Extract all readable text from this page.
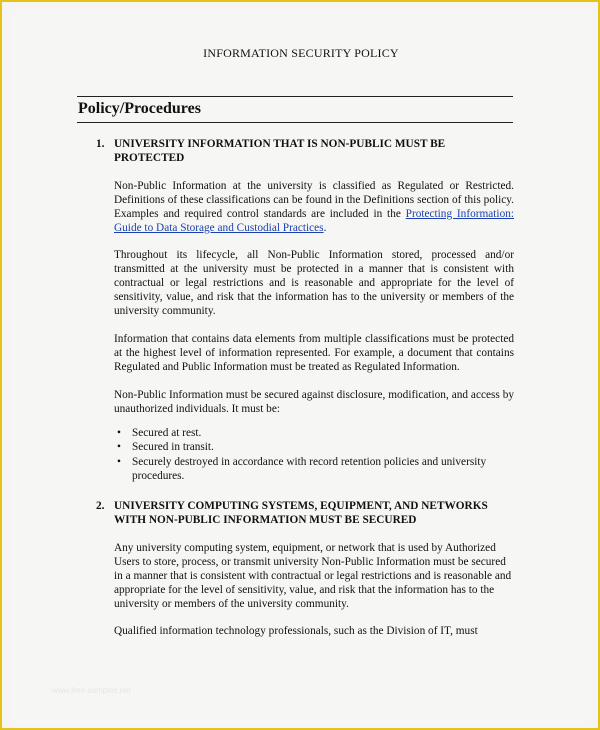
INFORMATION SECURITY POLICY
Policy/Procedures
1. UNIVERSITY INFORMATION THAT IS NON-PUBLIC MUST BE PROTECTED

Non-Public Information at the university is classified as Regulated or Restricted. Definitions of these classifications can be found in the Definitions section of this policy. Examples and required control standards are included in the Protecting Information: Guide to Data Storage and Custodial Practices.

Throughout its lifecycle, all Non-Public Information stored, processed and/or transmitted at the university must be protected in a manner that is consistent with contractual or legal restrictions and is reasonable and appropriate for the level of sensitivity, value, and risk that the information has to the university or members of the university community.

Information that contains data elements from multiple classifications must be protected at the highest level of information represented. For example, a document that contains Regulated and Public Information must be treated as Regulated Information.

Non-Public Information must be secured against disclosure, modification, and access by unauthorized individuals. It must be:

• Secured at rest.
• Secured in transit.
• Securely destroyed in accordance with record retention policies and university procedures.
2. UNIVERSITY COMPUTING SYSTEMS, EQUIPMENT, AND NETWORKS WITH NON-PUBLIC INFORMATION MUST BE SECURED

Any university computing system, equipment, or network that is used by Authorized Users to store, process, or transmit university Non-Public Information must be secured in a manner that is consistent with contractual or legal restrictions and is reasonable and appropriate for the level of sensitivity, value, and risk that the information has to the university or members of the university community.

Qualified information technology professionals, such as the Division of IT, must

www.free-samples.net
